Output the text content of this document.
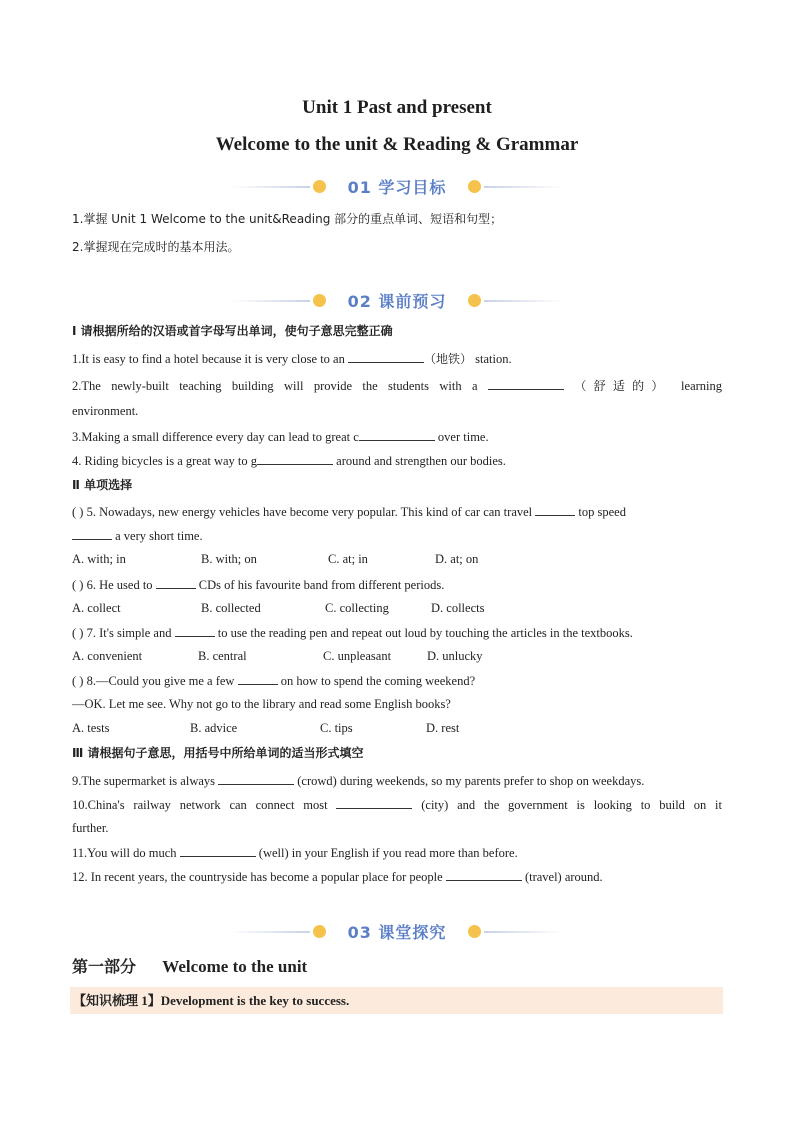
Unit 1 Past and present
Welcome to the unit & Reading & Grammar
01 学习目标
1.掌握 Unit 1 Welcome to the unit&Reading 部分的重点单词、短语和句型；
2.掌握现在完成时的基本用法。
02 课前预习
Ⅰ 请根据所给的汉语或首字母写出单词，使句子意思完整正确
1.It is easy to find a hotel because it is very close to an	（地铁） station.
2.The newly-built teaching building will provide the students with a	（舒适的） learning
environment.
3.Making a small difference every day can lead to great c	over time.
4. Riding bicycles is a great way to g	around and strengthen our bodies.
Ⅱ 单项选择
( ) 5. Nowadays, new energy vehicles have become very popular. This kind of car can travel	top speed
a very short time.
A. with; in	B. with; on	C. at; in	D. at; on
( ) 6. He used to	CDs of his favourite band from different periods.
A. collect	B. collected	C. collecting	D. collects
( ) 7. It's simple and	to use the reading pen and repeat out loud by touching the articles in the textbooks.
A. convenient	B. central	C. unpleasant	D. unlucky
( ) 8.—Could you give me a few	on how to spend the coming weekend?
—OK. Let me see. Why not go to the library and read some English books?
A. tests	B. advice	C. tips	D. rest
Ⅲ 请根据句子意思，用括号中所给单词的适当形式填空
9.The supermarket is always	(crowd) during weekends, so my parents prefer to shop on weekdays.
10.China's railway network can connect most	(city) and the government is looking to build on it
further.
11.You will do much	(well) in your English if you read more than before.
12. In recent years, the countryside has become a popular place for people	(travel) around.
03 课堂探究
第一部分 Welcome to the unit
【知识梳理 1】Development is the key to success.
